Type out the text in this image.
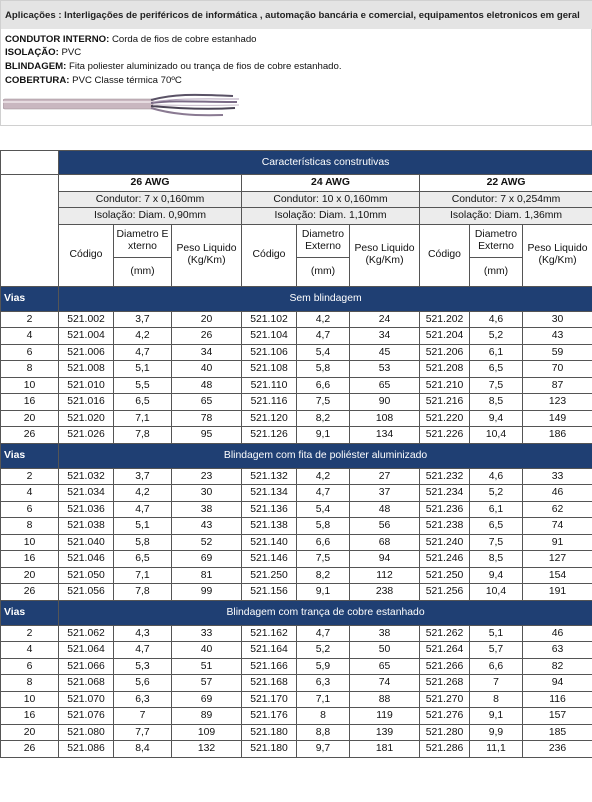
Aplicações : Interligações de periféricos de informática , automação bancária e comercial, equipamentos eletronicos em geral
CONDUTOR INTERNO: Corda de fios de cobre estanhado
ISOLAÇÃO: PVC
BLINDAGEM: Fita poliester aluminizado ou trança de fios de cobre estanhado.
COBERTURA: PVC Classe térmica 70ºC
	Características construtivas								
	26 AWG			24 AWG			22 AWG		
	Condutor: 7 x 0,160mm			Condutor: 10 x 0,160mm			Condutor: 7 x 0,254mm		
	Isolação: Diam. 0,90mm			Isolação: Diam. 1,10mm			Isolação: Diam. 1,36mm		
	Código	Diametro E xterno	Peso Liquido (Kg/Km)	Código	Diametro Externo	Peso Liquido (Kg/Km)	Código	Diametro Externo	Peso Liquido (Kg/Km)
		(mm)			(mm)			(mm)	
Vias	Sem blindagem								
2	521.002	3,7	20	521.102	4,2	24	521.202	4,6	30
4	521.004	4,2	26	521.104	4,7	34	521.204	5,2	43
6	521.006	4,7	34	521.106	5,4	45	521.206	6,1	59
8	521.008	5,1	40	521.108	5,8	53	521.208	6,5	70
10	521.010	5,5	48	521.110	6,6	65	521.210	7,5	87
16	521.016	6,5	65	521.116	7,5	90	521.216	8,5	123
20	521.020	7,1	78	521.120	8,2	108	521.220	9,4	149
26	521.026	7,8	95	521.126	9,1	134	521.226	10,4	186
Vias	Blindagem com fita de poliéster aluminizado								
2	521.032	3,7	23	521.132	4,2	27	521.232	4,6	33
4	521.034	4,2	30	521.134	4,7	37	521.234	5,2	46
6	521.036	4,7	38	521.136	5,4	48	521.236	6,1	62
8	521.038	5,1	43	521.138	5,8	56	521.238	6,5	74
10	521.040	5,8	52	521.140	6,6	68	521.240	7,5	91
16	521.046	6,5	69	521.146	7,5	94	521.246	8,5	127
20	521.050	7,1	81	521.250	8,2	112	521.250	9,4	154
26	521.056	7,8	99	521.156	9,1	238	521.256	10,4	191
Vias	Blindagem com trança de cobre estanhado								
2	521.062	4,3	33	521.162	4,7	38	521.262	5,1	46
4	521.064	4,7	40	521.164	5,2	50	521.264	5,7	63
6	521.066	5,3	51	521.166	5,9	65	521.266	6,6	82
8	521.068	5,6	57	521.168	6,3	74	521.268	7	94
10	521.070	6,3	69	521.170	7,1	88	521.270	8	116
16	521.076	7	89	521.176	8	119	521.276	9,1	157
20	521.080	7,7	109	521.180	8,8	139	521.280	9,9	185
26	521.086	8,4	132	521.180	9,7	181	521.286	11,1	236
